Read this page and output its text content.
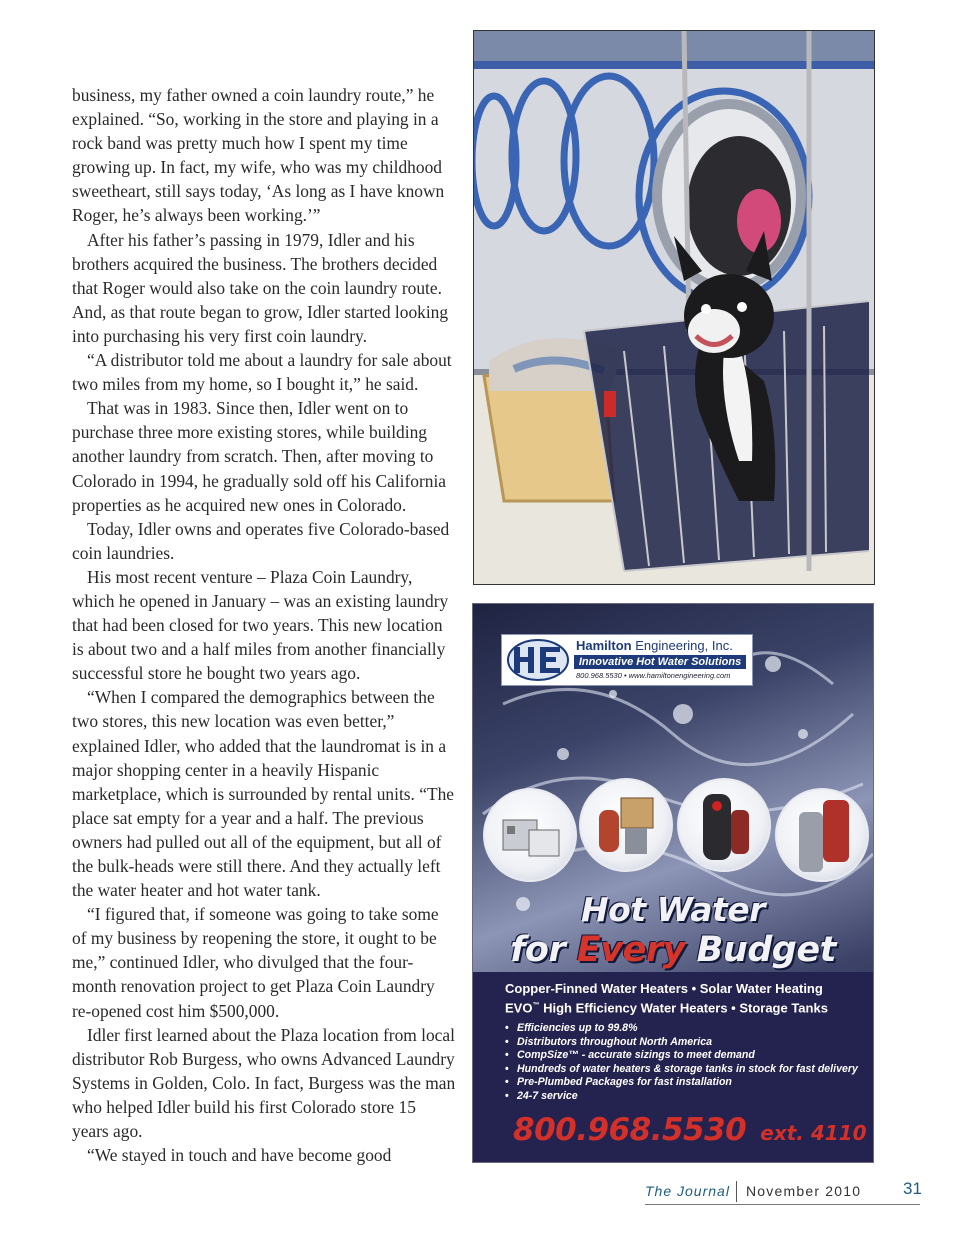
business, my father owned a coin laundry route,” he explained. “So, working in the store and playing in a rock band was pretty much how I spent my time growing up. In fact, my wife, who was my childhood sweetheart, still says today, ‘As long as I have known Roger, he’s always been working.’”

After his father’s passing in 1979, Idler and his brothers acquired the business. The brothers decided that Roger would also take on the coin laundry route. And, as that route began to grow, Idler started looking into purchasing his very first coin laundry.

“A distributor told me about a laundry for sale about two miles from my home, so I bought it,” he said.

That was in 1983. Since then, Idler went on to purchase three more existing stores, while building another laundry from scratch. Then, after moving to Colorado in 1994, he gradually sold off his California properties as he acquired new ones in Colorado.

Today, Idler owns and operates five Colorado-based coin laundries.

His most recent venture – Plaza Coin Laundry, which he opened in January – was an existing laundry that had been closed for two years. This new location is about two and a half miles from another financially successful store he bought two years ago.

“When I compared the demographics between the two stores, this new location was even better,” explained Idler, who added that the laundromat is in a major shopping center in a heavily Hispanic marketplace, which is surrounded by rental units. “The place sat empty for a year and a half. The previous owners had pulled out all of the equipment, but all of the bulk-heads were still there. And they actually left the water heater and hot water tank.

“I figured that, if someone was going to take some of my business by reopening the store, it ought to be me,” continued Idler, who divulged that the four-month renovation project to get Plaza Coin Laundry re-opened cost him $500,000.

Idler first learned about the Plaza location from local distributor Rob Burgess, who owns Advanced Laundry Systems in Golden, Colo. In fact, Burgess was the man who helped Idler build his first Colorado store 15 years ago.

“We stayed in touch and have become good

Hamilton Engineering, Inc.
Innovative Hot Water Solutions
800.968.5530 • www.hamiltonengineering.com
Hot Water
for Every Budget
Copper-Finned Water Heaters • Solar Water Heating
EVO™ High Efficiency Water Heaters • Storage Tanks
• Efficiencies up to 99.8%
• Distributors throughout North America
• CompSize™ - accurate sizings to meet demand
• Hundreds of water heaters & storage tanks in stock for fast delivery
• Pre-Plumbed Packages for fast installation
• 24-7 service
800.968.5530 ext. 4110
The Journal November 2010 31
